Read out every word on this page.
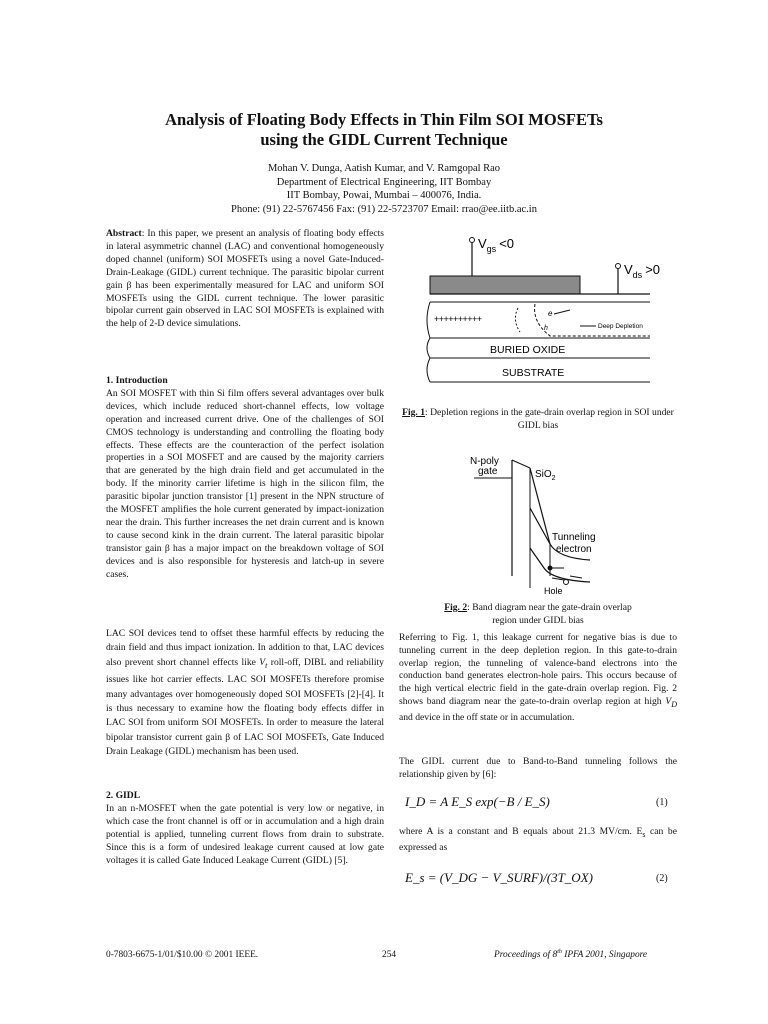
Analysis of Floating Body Effects in Thin Film SOI MOSFETs
using the GIDL Current Technique
Mohan V. Dunga, Aatish Kumar, and V. Ramgopal Rao
Department of Electrical Engineering, IIT Bombay
IIT Bombay, Powai, Mumbai – 400076, India.
Phone: (91) 22-5767456 Fax: (91) 22-5723707 Email: rrao@ee.iitb.ac.in

Abstract: In this paper, we present an analysis of floating body effects in lateral asymmetric channel (LAC) and conventional homogeneously doped channel (uniform) SOI MOSFETs using a novel Gate-Induced-Drain-Leakage (GIDL) current technique. The parasitic bipolar current gain β has been experimentally measured for LAC and uniform SOI MOSFETs using the GIDL current technique. The lower parasitic bipolar current gain observed in LAC SOI MOSFETs is explained with the help of 2-D device simulations.

1. Introduction

An SOI MOSFET with thin Si film offers several advantages over bulk devices, which include reduced short-channel effects, low voltage operation and increased current drive. One of the challenges of SOI CMOS technology is understanding and controlling the floating body effects. These effects are the counteraction of the perfect isolation properties in a SOI MOSFET and are caused by the majority carriers that are generated by the high drain field and get accumulated in the body. If the minority carrier lifetime is high in the silicon film, the parasitic bipolar junction transistor [1] present in the NPN structure of the MOSFET amplifies the hole current generated by impact-ionization near the drain. This further increases the net drain current and is known to cause second kink in the drain current. The lateral parasitic bipolar transistor gain β has a major impact on the breakdown voltage of SOI devices and is also responsible for hysteresis and latch-up in severe cases.

LAC SOI devices tend to offset these harmful effects by reducing the drain field and thus impact ionization. In addition to that, LAC devices also prevent short channel effects like $V_t$ roll-off, DIBL and reliability issues like hot carrier effects. LAC SOI MOSFETs therefore promise many advantages over homogeneously doped SOI MOSFETs [2]-[4]. It is thus necessary to examine how the floating body effects differ in LAC SOI from uniform SOI MOSFETs. In order to measure the lateral bipolar transistor current gain β of LAC SOI MOSFETs, Gate Induced Drain Leakage (GIDL) mechanism has been used.

2. GIDL

In an n-MOSFET when the gate potential is very low or negative, in which case the front channel is off or in accumulation and a high drain potential is applied, tunneling current flows from drain to substrate. Since this is a form of undesired leakage current caused at low gate voltages it is called Gate Induced Leakage Current (GIDL) [5].

$V_{gs} <0$
$V_{ds} >0$
++++++++++
e
h	Deep Depletion
BURIED OXIDE
SUBSTRATE
Fig. 1: Depletion regions in the gate-drain overlap region in SOI under GIDL bias
N-poly
gate	SiO$_2$
Tunneling
electron
Hole
Fig. 2: Band diagram near the gate-drain overlap
region under GIDL bias

Referring to Fig. 1, this leakage current for negative bias is due to tunneling current in the deep depletion region. In this gate-to-drain overlap region, the tunneling of valence-band electrons into the conduction band generates electron-hole pairs. This occurs because of the high vertical electric field in the gate-drain overlap region. Fig. 2 shows band diagram near the gate-to-drain overlap region at high $V_D$ and device in the off state or in accumulation.

The GIDL current due to Band-to-Band tunneling follows the relationship given by [6]:

I_D = A E_S exp(−B / E_S)	(1)

where A is a constant and B equals about 21.3 MV/cm. $E_s$ can be expressed as

E_s = (V_DG − V_SURF)/(3T_OX)	(2)
0-7803-6675-1/01/$10.00 © 2001 IEEE.	254	Proceedings of 8th IPFA 2001, Singapore
